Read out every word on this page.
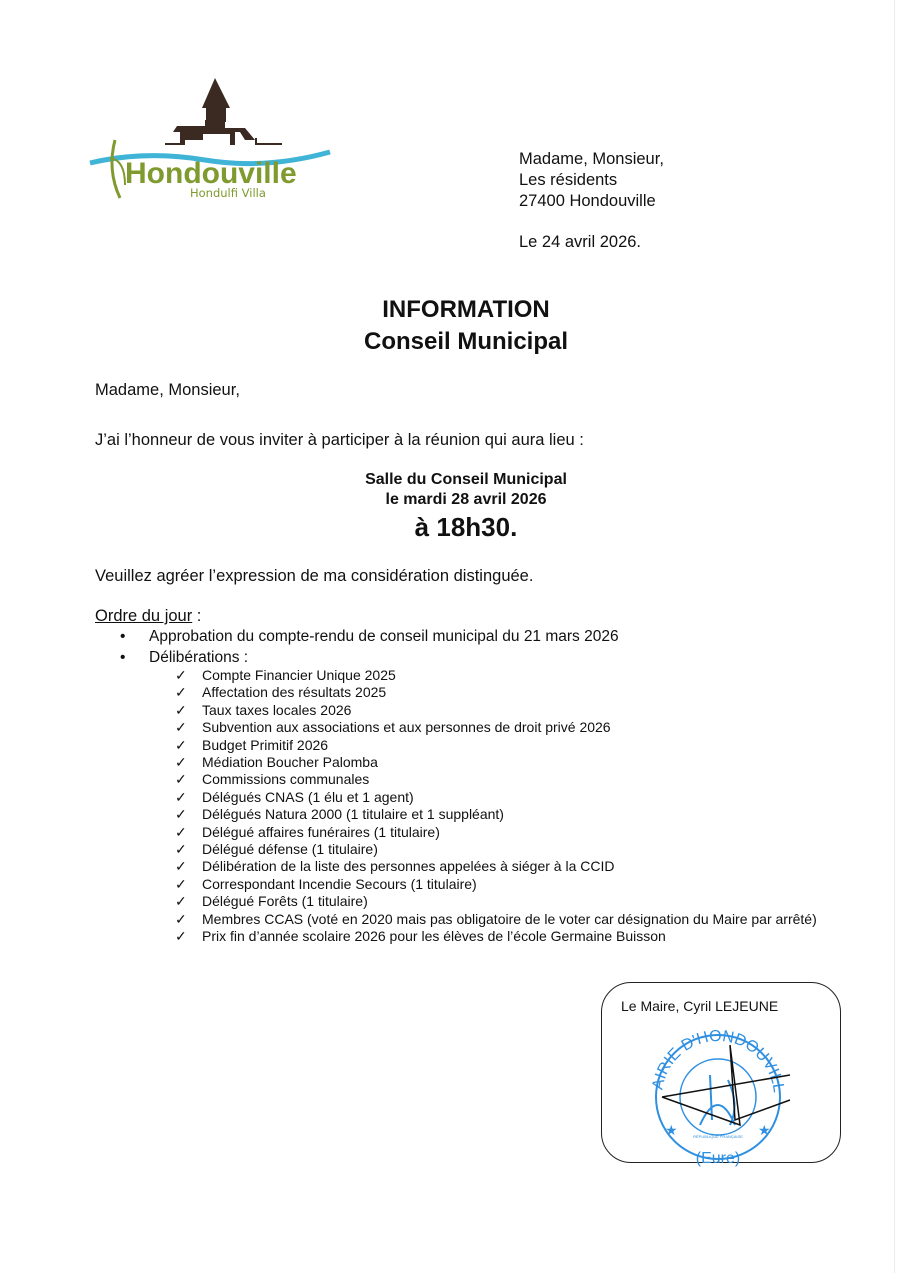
Hondouville
Hondulfi Villa
Madame, Monsieur,
Les résidents
27400 Hondouville
Le 24 avril 2026.
INFORMATION
Conseil Municipal
Madame, Monsieur,
J’ai l’honneur de vous inviter à participer à la réunion qui aura lieu :
Salle du Conseil Municipal
le mardi 28 avril 2026
à 18h30.
Veuillez agréer l’expression de ma considération distinguée.
Ordre du jour :
• Approbation du compte-rendu de conseil municipal du 21 mars 2026
• Délibérations :
✓	Compte Financier Unique 2025
✓	Affectation des résultats 2025
✓	Taux taxes locales 2026
✓	Subvention aux associations et aux personnes de droit privé 2026
✓	Budget Primitif 2026
✓	Médiation Boucher Palomba
✓	Commissions communales
✓	Délégués CNAS (1 élu et 1 agent)
✓	Délégués Natura 2000 (1 titulaire et 1 suppléant)
✓	Délégué affaires funéraires (1 titulaire)
✓	Délégué défense (1 titulaire)
✓	Délibération de la liste des personnes appelées à siéger à la CCID
✓	Correspondant Incendie Secours (1 titulaire)
✓	Délégué Forêts (1 titulaire)
✓	Membres CCAS (voté en 2020 mais pas obligatoire de le voter car désignation du Maire par arrêté)
✓	Prix fin d’année scolaire 2026 pour les élèves de l’école Germaine Buisson
Le Maire, Cyril LEJEUNE
AIRIE D'HONDOUVILL
★	★
RÉPUBLIQUE FRANÇAISE
(Eure)
